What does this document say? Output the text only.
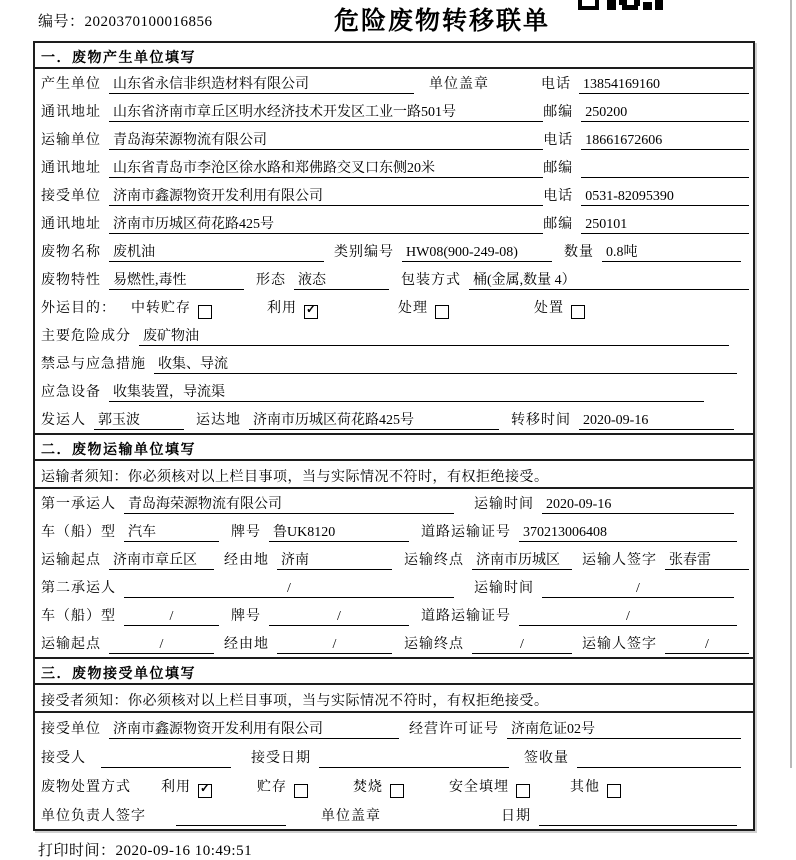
编号：2020370100016856	危险废物转移联单
一．废物产生单位填写
产生单位 山东省永信非织造材料有限公司	单位盖章	电话 13854169160
通讯地址 山东省济南市章丘区明水经济技术开发区工业一路501号	邮编 250200
运输单位 青岛海荣源物流有限公司	电话 18661672606
通讯地址 山东省青岛市李沧区徐水路和郑佛路交叉口东侧20米	邮编
接受单位 济南市鑫源物资开发利用有限公司	电话 0531-82095390
通讯地址 济南市历城区荷花路425号	邮编 250101
废物名称 废机油	类别编号 HW08(900-249-08)	数量 0.8吨
废物特性 易燃性,毒性	形态 液态	包装方式 桶(金属,数量 4）
外运目的： 中转贮存	利用 ✓	处理	处置
主要危险成分 废矿物油
禁忌与应急措施 收集、导流
应急设备 收集装置，导流渠
发运人 郭玉波	运达地 济南市历城区荷花路425号	转移时间 2020-09-16
二．废物运输单位填写
运输者须知：你必须核对以上栏目事项，当与实际情况不符时，有权拒绝接受。
第一承运人 青岛海荣源物流有限公司	运输时间 2020-09-16
车（船）型 汽车	牌号 鲁UK8120	道路运输证号 370213006408
运输起点 济南市章丘区	经由地 济南	运输终点 济南市历城区	运输人签字 张春雷
第二承运人	/	运输时间	/
车（船）型	/	牌号	/	道路运输证号	/
运输起点	/	经由地	/	运输终点	/	运输人签字	/
三．废物接受单位填写
接受者须知：你必须核对以上栏目事项，当与实际情况不符时，有权拒绝接受。
接受单位 济南市鑫源物资开发利用有限公司	经营许可证号 济南危证02号
接受人	接受日期	签收量
废物处置方式 利用 ✓	贮存	焚烧	安全填埋	其他
单位负责人签字	单位盖章	日期
打印时间：2020-09-16 10:49:51
